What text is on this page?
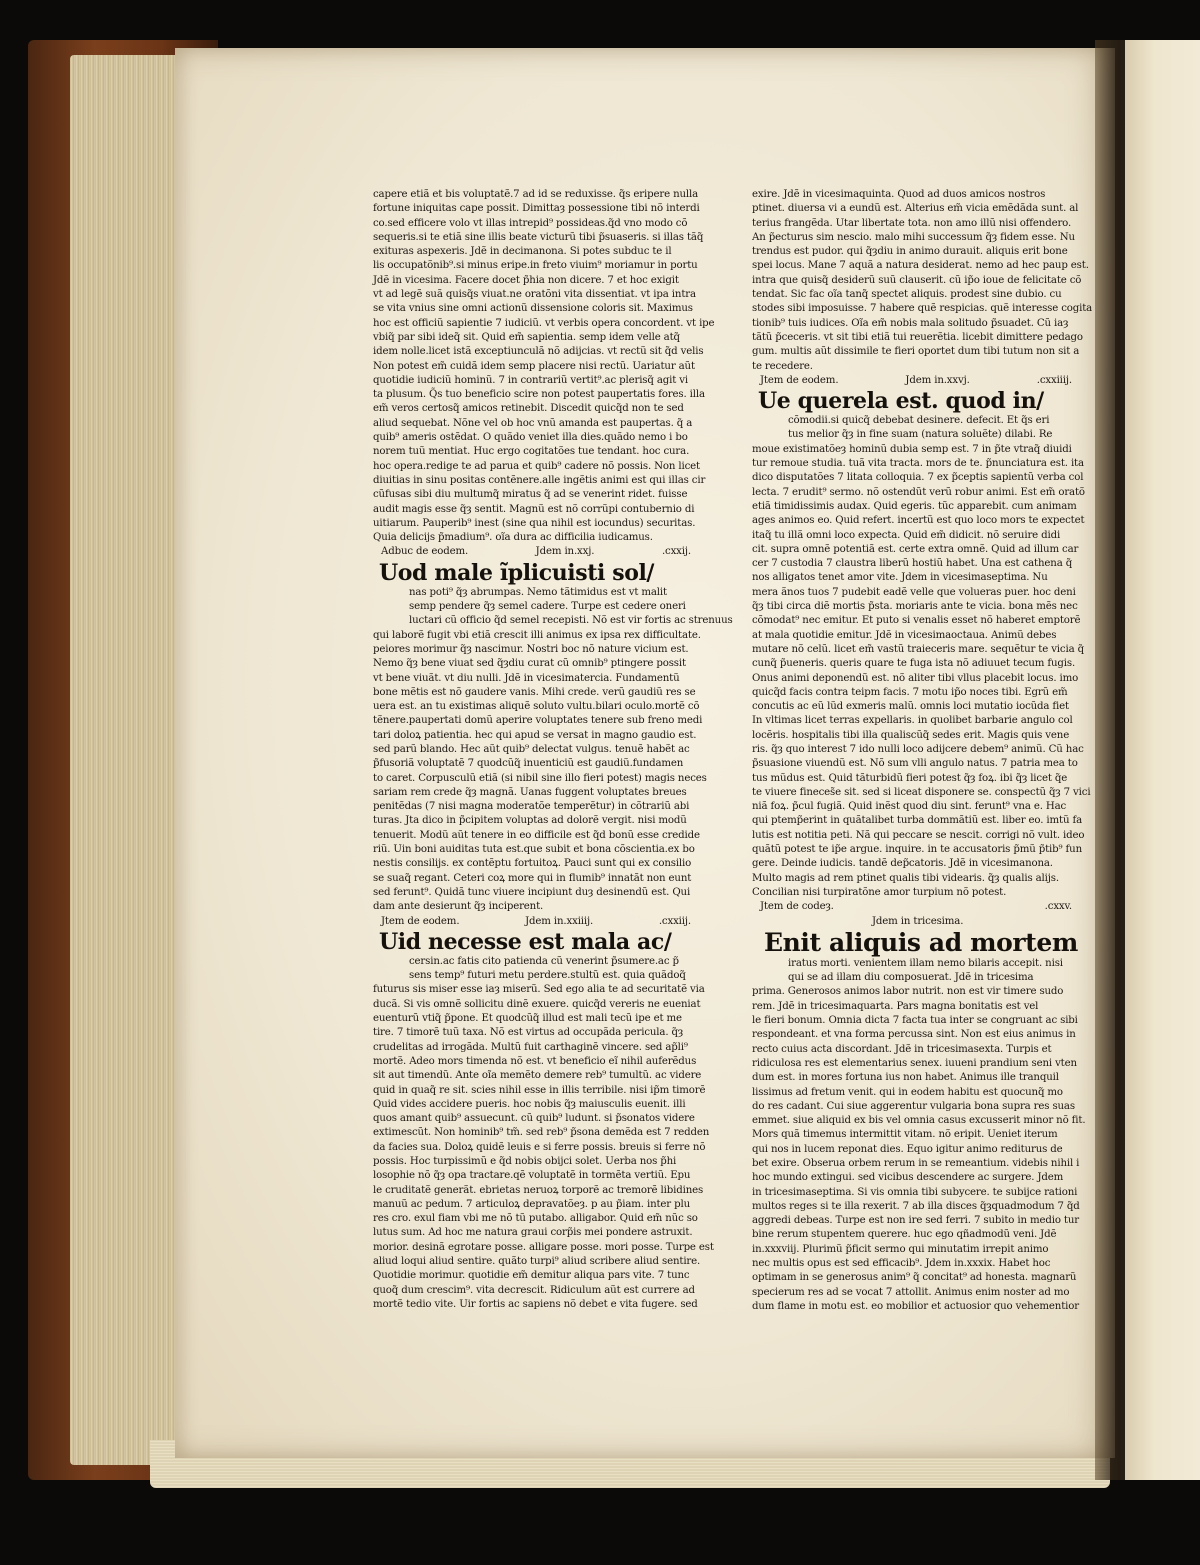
capere etiã et bis voluptatẽ.7 ad id se reduxisse. q̃s eripere nulla
fortune iniquitas cape possit. Dimittaȝ possessione tibi nõ interdi
co.sed efficere volo vt illas intrepid⁹ possideas.q̃d vno modo cõ
sequeris.si te etiã sine illis beate victurũ tibi p̃suaseris. si illas tãq̃
exituras aspexeris. Jdẽ in decimanona. Si potes subduc te il
lis occupatõnib⁹.si minus eripe.in freto viuim⁹ moriamur in portu
Jdẽ in vicesima. Facere docet p̃hia non dicere. 7 et hoc exigit
vt ad legẽ suã quisq̃s viuat.ne oratõni vita dissentiat. vt ipa intra
se vita vnius sine omni actionũ dissensione coloris sit. Maximus
hoc est officiũ sapientie 7 iudiciũ. vt verbis opera concordent. vt ipe
vbiq̃ par sibi ideq̃ sit. Quid em̃ sapientia. semp idem velle atq̃
idem nolle.licet istã exceptiunculã nõ adijcias. vt rectũ sit q̃d velis
Non potest em̃ cuidã idem semp placere nisi rectũ. Uariatur aũt
quotidie iudiciũ hominũ. 7 in contrariũ vertit⁹.ac plerisq̃ agit vi
ta plusum. Q̃s tuo beneficio scire non potest paupertatis fores. illa
em̃ veros certosq̃ amicos retinebit. Discedit quicq̃d non te sed
aliud sequebat. Nõne vel ob hoc vnũ amanda est paupertas. q̃ a
quib⁹ ameris ostẽdat. O quãdo veniet illa dies.quãdo nemo i bo
norem tuũ mentiat. Huc ergo cogitatões tue tendant. hoc cura.
hoc opera.redige te ad parua et quib⁹ cadere nõ possis. Non licet
diuitias in sinu positas contẽnere.alle ingẽtis animi est qui illas cir
cũfusas sibi diu multumq̃ miratus q̃ ad se venerint ridet. fuisse
audit magis esse q̃ȝ sentit. Magnũ est nõ corrũpi contubernio di
uitiarum. Pauperib⁹ inest (sine qua nihil est iocundus) securitas.
Quia delicijs p̃madium⁹. oĩa dura ac difficilia iudicamus.
Adbuc de eodem.	Jdem in.xxj.	.cxxij.
Uod male ĩplicuisti sol/
nas poti⁹ q̃ȝ abrumpas. Nemo tãtimidus est vt malit
semp pendere q̃ȝ semel cadere. Turpe est cedere oneri
luctari cũ officio q̃d semel recepisti. Nõ est vir fortis ac strenuus
qui laborẽ fugit vbi etiã crescit illi animus ex ipsa rex difficultate.
peiores morimur q̃ȝ nascimur. Nostri boc nõ nature vicium est.
Nemo q̃ȝ bene viuat sed q̃ȝdiu curat cũ omnib⁹ ptingere possit
vt bene viuãt. vt diu nulli. Jdẽ in vicesimatercia. Fundamentũ
bone mẽtis est nõ gaudere vanis. Mihi crede. verũ gaudiũ res se
uera est. an tu existimas aliquẽ soluto vultu.bilari oculo.mortẽ cõ
tẽnere.paupertati domũ aperire voluptates tenere sub freno medi
tari doloꝝ patientia. hec qui apud se versat in magno gaudio est.
sed parũ blando. Hec aũt quib⁹ delectat vulgus. tenuẽ habẽt ac
p̃fusoriã voluptatẽ 7 quodcũq̃ inuenticiũ est gaudiũ.fundamen
to caret. Corpusculũ etiã (si nibil sine illo fieri potest) magis neces
sariam rem crede q̃ȝ magnã. Uanas fuggent voluptates breues
penitẽdas (7 nisi magna moderatõe temperẽtur) in cõtrariũ abi
turas. Jta dico in p̃cipitem voluptas ad dolorẽ vergit. nisi modũ
tenuerit. Modũ aũt tenere in eo difficile est q̃d bonũ esse credide
riũ. Uin boni auiditas tuta est.que subit et bona cõscientia.ex bo
nestis consilijs. ex contẽptu fortuitoꝝ. Pauci sunt qui ex consilio
se suaq̃ regant. Ceteri coꝝ more qui in flumib⁹ innatãt non eunt
sed ferunt⁹. Quidã tunc viuere incipiunt duȝ desinendũ est. Qui
dam ante desierunt q̃ȝ inciperent.
Jtem de eodem.	Jdem in.xxiiij.	.cxxiij.
Uid necesse est mala ac/
cersin.ac fatis cito patienda cũ venerint p̃sumere.ac p̃
sens temp⁹ futuri metu perdere.stultũ est. quia quãdoq̃
futurus sis miser esse iaȝ miserũ. Sed ego alia te ad securitatẽ via
ducã. Si vis omnẽ sollicitu dinẽ exuere. quicq̃d vereris ne eueniat
euenturũ vtiq̃ p̃pone. Et quodcũq̃ illud est mali tecũ ipe et me
tire. 7 timorẽ tuũ taxa. Nõ est virtus ad occupãda pericula. q̃ȝ
crudelitas ad irrogãda. Multũ fuit carthaginẽ vincere. sed ap̃li⁹
mortẽ. Adeo mors timenda nõ est. vt beneficio eĩ nihil auferẽdus
sit aut timendũ. Ante oĩa memẽto demere reb⁹ tumultũ. ac videre
quid in quaq̃ re sit. scies nihil esse in illis terribile. nisi ip̃m timorẽ
Quid vides accidere pueris. hoc nobis q̃ȝ maiusculis euenit. illi
quos amant quib⁹ assuecunt. cũ quib⁹ ludunt. si p̃sonatos videre
extimescũt. Non hominib⁹ tm̃. sed reb⁹ p̃sona demẽda est 7 redden
da facies sua. Doloꝝ quidẽ leuis e si ferre possis. breuis si ferre nõ
possis. Hoc turpissimũ e q̃d nobis obijci solet. Uerba nos p̃hi
losophie nõ q̃ȝ opa tractare.qẽ voluptatẽ in tormẽta vertiũ. Epu
le cruditatẽ generãt. ebrietas neruoꝝ torporẽ ac tremorẽ libidines
manuũ ac pedum. 7 articuloꝝ depravatõeȝ. p au p̃iam. inter plu
res cro. exul fiam vbi me nõ tũ putabo. alligabor. Quid em̃ nũc so
lutus sum. Ad hoc me natura graui corp̃is mei pondere astruxit.
morior. desinã egrotare posse. alligare posse. mori posse. Turpe est
aliud loqui aliud sentire. quãto turpi⁹ aliud scribere aliud sentire.
Quotidie morimur. quotidie em̃ demitur aliqua pars vite. 7 tunc
quoq̃ dum crescim⁹. vita decrescit. Ridiculum aũt est currere ad
mortẽ tedio vite. Uir fortis ac sapiens nõ debet e vita fugere. sed
exire. Jdẽ in vicesimaquinta. Quod ad duos amicos nostros
ptinet. diuersa vi a eundũ est. Alterius em̃ vicia emẽdãda sunt. al
terius frangẽda. Utar libertate tota. non amo illũ nisi offendero.
An p̃ecturus sim nescio. malo mihi successum q̃ȝ fidem esse. Nu
trendus est pudor. qui q̃ȝdiu in animo durauit. aliquis erit bone
spei locus. Mane 7 aquã a natura desiderat. nemo ad hec paup est.
intra que quisq̃ desiderũ suũ clauserit. cũ ip̃o ioue de felicitate cõ
tendat. Sic fac oĩa tanq̃ spectet aliquis. prodest sine dubio. cu
stodes sibi imposuisse. 7 habere quẽ respicias. quẽ interesse cogita
tionib⁹ tuis iudices. Oĩa em̃ nobis mala solitudo p̃suadet. Cũ iaȝ
tãtũ p̃ceceris. vt sit tibi etiã tui reuerẽtia. licebit dimittere pedago
gum. multis aũt dissimile te fieri oportet dum tibi tutum non sit a
te recedere.
Jtem de eodem.	Jdem in.xxvj.	.cxxiiij.
Ue querela est. quod in/
cõmodii.si quicq̃ debebat desinere. defecit. Et q̃s eri
tus melior q̃ȝ in fine suam (natura soluẽte) dilabi. Re
moue existimatõeȝ hominũ dubia semp est. 7 in p̃te vtraq̃ diuidi
tur remoue studia. tuã vita tracta. mors de te. p̃nunciatura est. ita
dico disputatões 7 litata colloquia. 7 ex p̃ceptis sapientũ verba col
lecta. 7 erudit⁹ sermo. nõ ostendũt verũ robur animi. Est em̃ oratõ
etiã timidissimis audax. Quid egeris. tũc apparebit. cum animam
ages animos eo. Quid refert. incertũ est quo loco mors te expectet
itaq̃ tu illã omni loco expecta. Quid em̃ didicit. nõ seruire didi
cit. supra omnẽ potentiã est. certe extra omnẽ. Quid ad illum car
cer 7 custodia 7 claustra liberũ hostiũ habet. Una est cathena q̃
nos alligatos tenet amor vite. Jdem in vicesimaseptima. Nu
mera ãnos tuos 7 pudebit eadẽ velle que volueras puer. hoc deni
q̃ȝ tibi circa diẽ mortis p̃sta. moriaris ante te vicia. bona mẽs nec
cõmodat⁹ nec emitur. Et puto si venalis esset nõ haberet emptorẽ
at mala quotidie emitur. Jdẽ in vicesimaoctaua. Animũ debes
mutare nõ celũ. licet em̃ vastũ traieceris mare. sequẽtur te vicia q̃
cunq̃ p̃ueneris. queris quare te fuga ista nõ adiuuet tecum fugis.
Onus animi deponendũ est. nõ aliter tibi vllus placebit locus. imo
quicq̃d facis contra teipm facis. 7 motu ip̃o noces tibi. Egrũ em̃
concutis ac eũ lũd exmeris malũ. omnis loci mutatio iocũda fiet
In vltimas licet terras expellaris. in quolibet barbarie angulo col
locẽris. hospitalis tibi illa qualiscũq̃ sedes erit. Magis quis vene
ris. q̃ȝ quo interest 7 ido nulli loco adijcere debem⁹ animũ. Cũ hac
p̃suasione viuendũ est. Nõ sum vlli angulo natus. 7 patria mea to
tus mũdus est. Quid tãturbidũ fieri potest q̃ȝ foꝝ. ibi q̃ȝ licet q̃e
te viuere fineces̃e sit. sed si liceat disponere se. conspectũ q̃ȝ 7 vici
niã foꝝ. p̃cul fugiã. Quid inẽst quod diu sint. ferunt⁹ vna e. Hac
qui ptemp̃erint in quãtalibet turba dommãtiũ est. liber eo. imtũ fa
lutis est notitia peti. Nã qui peccare se nescit. corrigi nõ vult. ideo
quãtũ potest te ip̃e argue. inquire. in te accusatoris p̃mũ p̃tib⁹ fun
gere. Deinde iudicis. tandẽ dep̃catoris. Jdẽ in vicesimanona.
Multo magis ad rem ptinet qualis tibi videaris. q̃ȝ qualis alijs.
Concilian nisi turpiratõne amor turpium nõ potest.
Jtem de codeȝ.	.cxxv.
Jdem in tricesima.
Enit aliquis ad mortem
iratus morti. venientem illam nemo bilaris accepit. nisi
qui se ad illam diu composuerat. Jdẽ in tricesima
prima. Generosos animos labor nutrit. non est vir timere sudo
rem. Jdẽ in tricesimaquarta. Pars magna bonitatis est vel
le fieri bonum. Omnia dicta 7 facta tua inter se congruant ac sibi
respondeant. et vna forma percussa sint. Non est eius animus in
recto cuius acta discordant. Jdẽ in tricesimasexta. Turpis et
ridiculosa res est elementarius senex. iuueni prandium seni vten
dum est. in mores fortuna ius non habet. Animus ille tranquil
lissimus ad fretum venit. qui in eodem habitu est quocunq̃ mo
do res cadant. Cui siue aggerentur vulgaria bona supra res suas
emmet. siue aliquid ex bis vel omnia casus excusserit minor nõ fit.
Mors quã timemus intermittit vitam. nõ eripit. Ueniet iterum
qui nos in lucem reponat dies. Equo igitur animo rediturus de
bet exire. Obserua orbem rerum in se remeantium. videbis nihil i
hoc mundo extingui. sed vicibus descendere ac surgere. Jdem
in tricesimaseptima. Si vis omnia tibi subycere. te subijce rationi
multos reges si te illa rexerit. 7 ab illa disces q̃ȝquadmodum 7 q̃d
aggredi debeas. Turpe est non ire sed ferri. 7 subito in medio tur
bine rerum stupentem querere. huc ego qñadmodũ veni. Jdẽ
in.xxxviij. Plurimũ p̃ficit sermo qui minutatim irrepit animo
nec multis opus est sed efficacib⁹. Jdem in.xxxix. Habet hoc
optimam in se generosus anim⁹ q̃ concitat⁹ ad honesta. magnarũ
specierum res ad se vocat 7 attollit. Animus enim noster ad mo
dum flame in motu est. eo mobilior et actuosior quo vehementior
